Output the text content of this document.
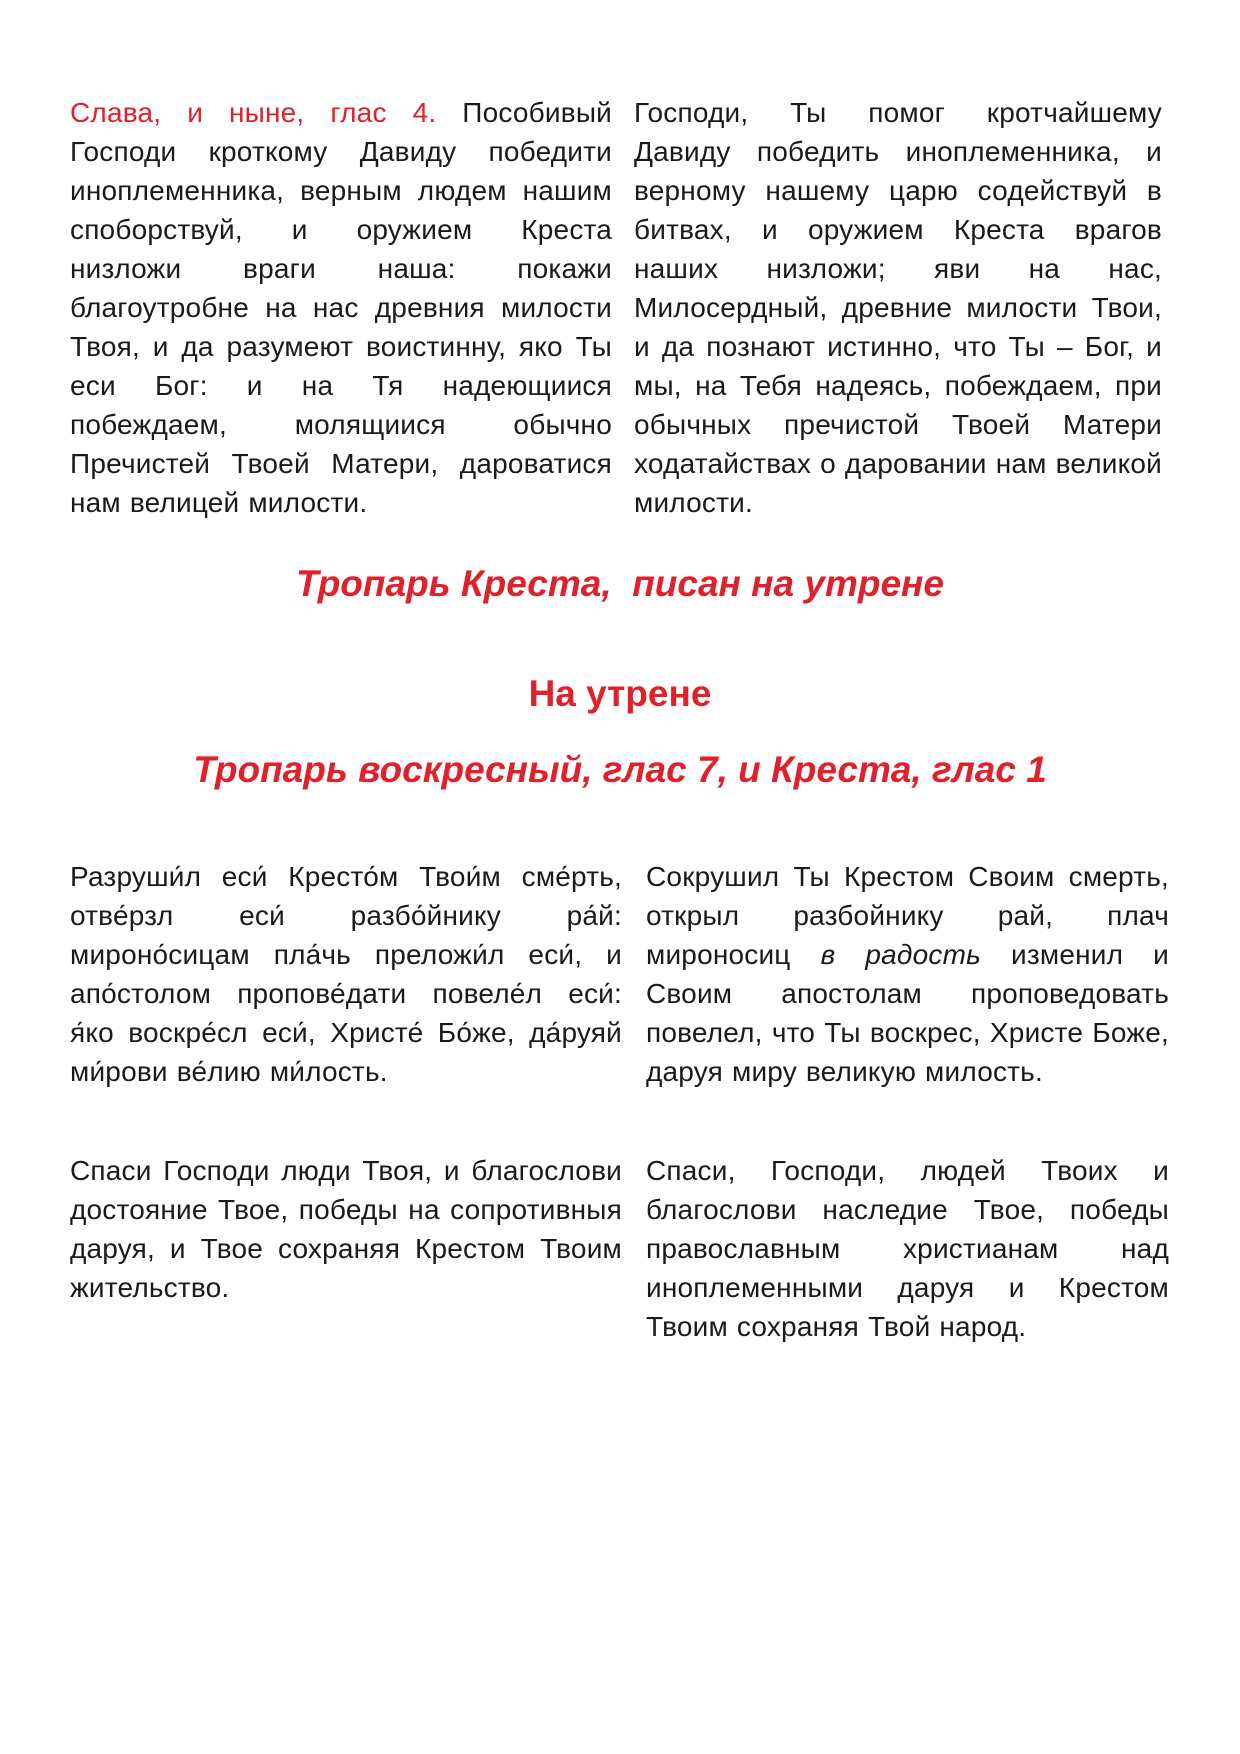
Слава, и ныне, глас 4. Пособивый Господи кроткому Давиду победити иноплеменника, верным людем нашим споборствуй, и оружием Креста низложи враги наша: покажи благоутробне на нас древния милости Твоя, и да разумеют воистинну, яко Ты еси Бог: и на Тя надеющиися побеждаем, молящиися обычно Пречистей Твоей Матери, дароватися нам велицей милости.

Господи, Ты помог кротчайшему Давиду победить иноплеменника, и верному нашему царю содействуй в битвах, и оружием Креста врагов наших низложи; яви на нас, Милосердный, древние милости Твои, и да познают истинно, что Ты – Бог, и мы, на Тебя надеясь, побеждаем, при обычных пречистой Твоей Матери ходатайствах о даровании нам великой милости.

Тропарь Креста,  писан на утрене

На утрене

Тропарь воскресный, глас 7, и Креста, глас 1

Разруши́л еси́ Кресто́м Твои́м сме́рть, отве́рзл еси́ разбо́йнику ра́й: мироно́сицам пла́чь преложи́л еси́, и апо́столом пропове́дати повеле́л еси́: я́ко воскре́сл еси́, Христе́ Бо́же, да́руяй ми́рови ве́лию ми́лость.

Сокрушил Ты Крестом Своим смерть, открыл разбойнику рай, плач мироносиц в радость изменил и Своим апостолам проповедовать повелел, что Ты воскрес, Христе Боже, даруя миру великую милость.

Спаси Господи люди Твоя, и благослови достояние Твое, победы на сопротивныя даруя, и Твое сохраняя Крестом Твоим жительство.

Спаси, Господи, людей Твоих и благослови наследие Твое, победы православным христианам над иноплеменными даруя и Крестом Твоим сохраняя Твой народ.
